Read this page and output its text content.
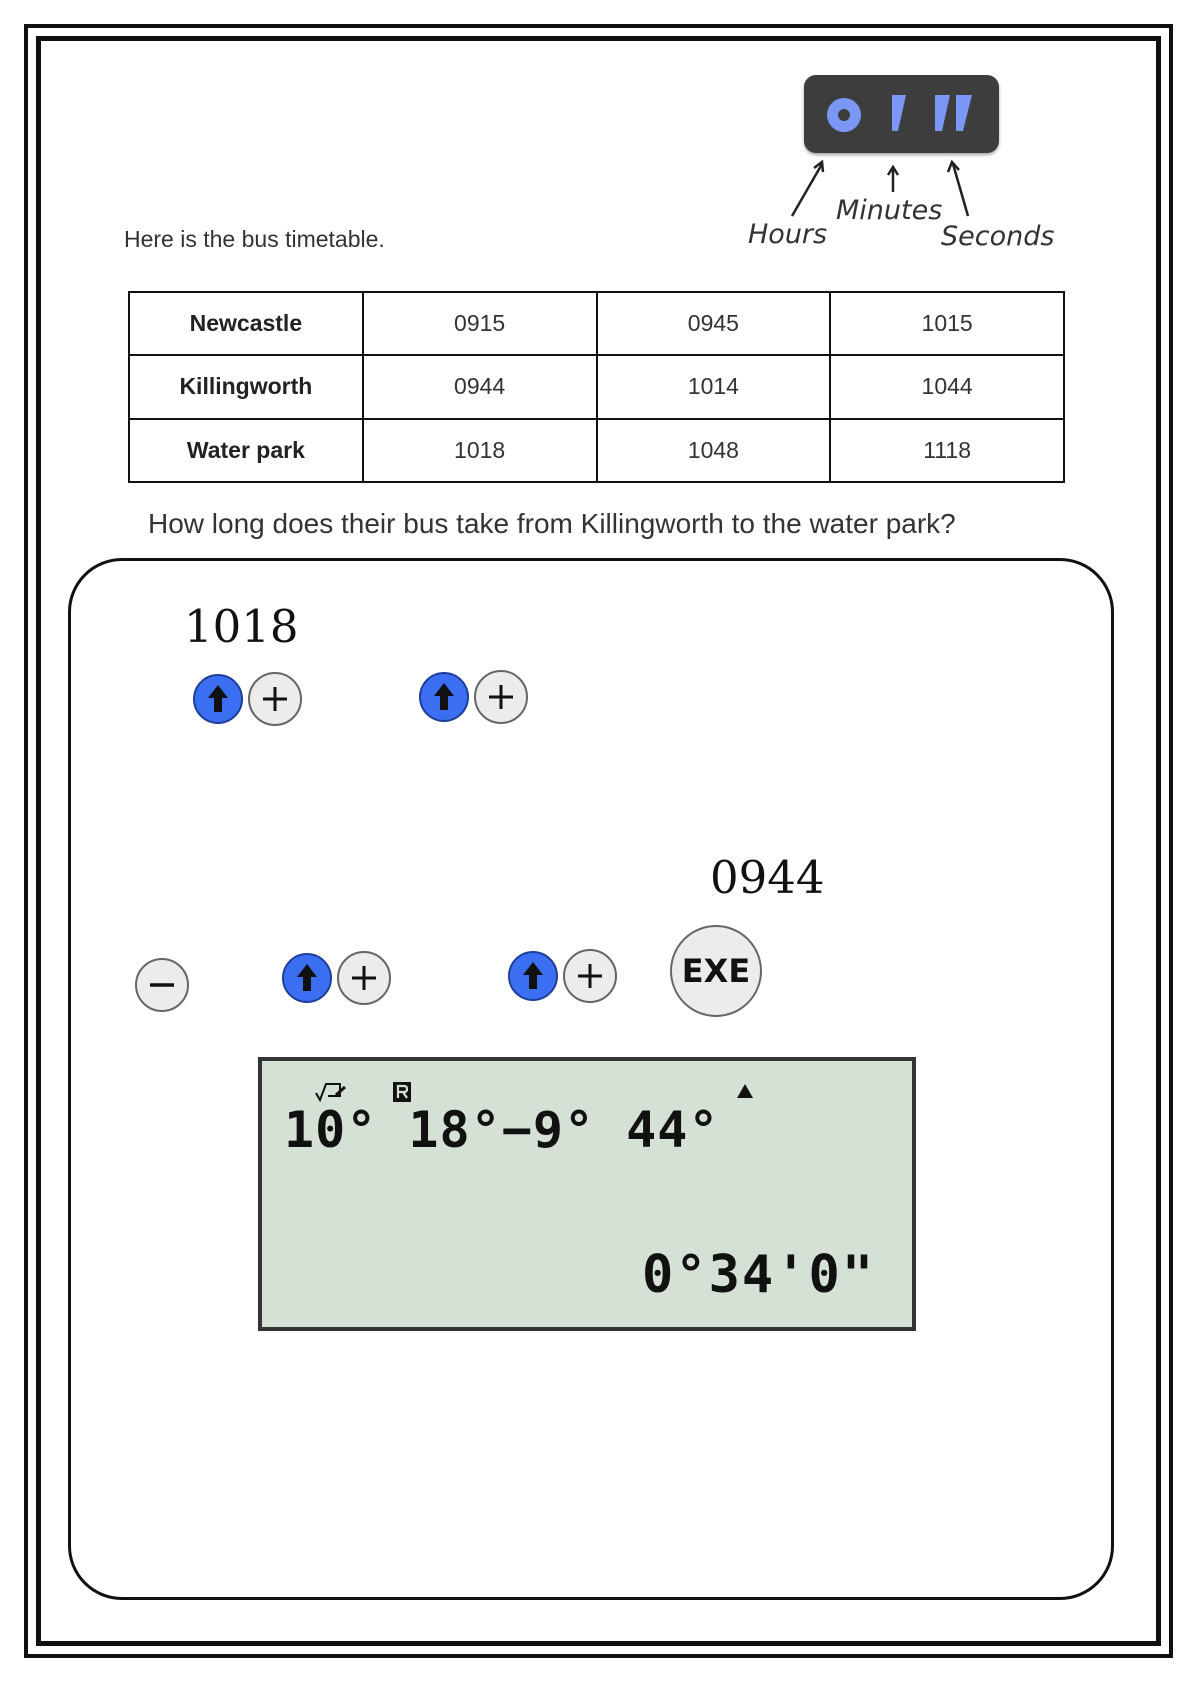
Hours
Minutes
Seconds
Here is the bus timetable.
Newcastle	0915	0945	1015
Killingworth	0944	1014	1044
Water park	1018	1048	1118
How long does their bus take from Killingworth to the water park?
1018
0944
EXE
10° 18°−9° 44°
0°34'0"
